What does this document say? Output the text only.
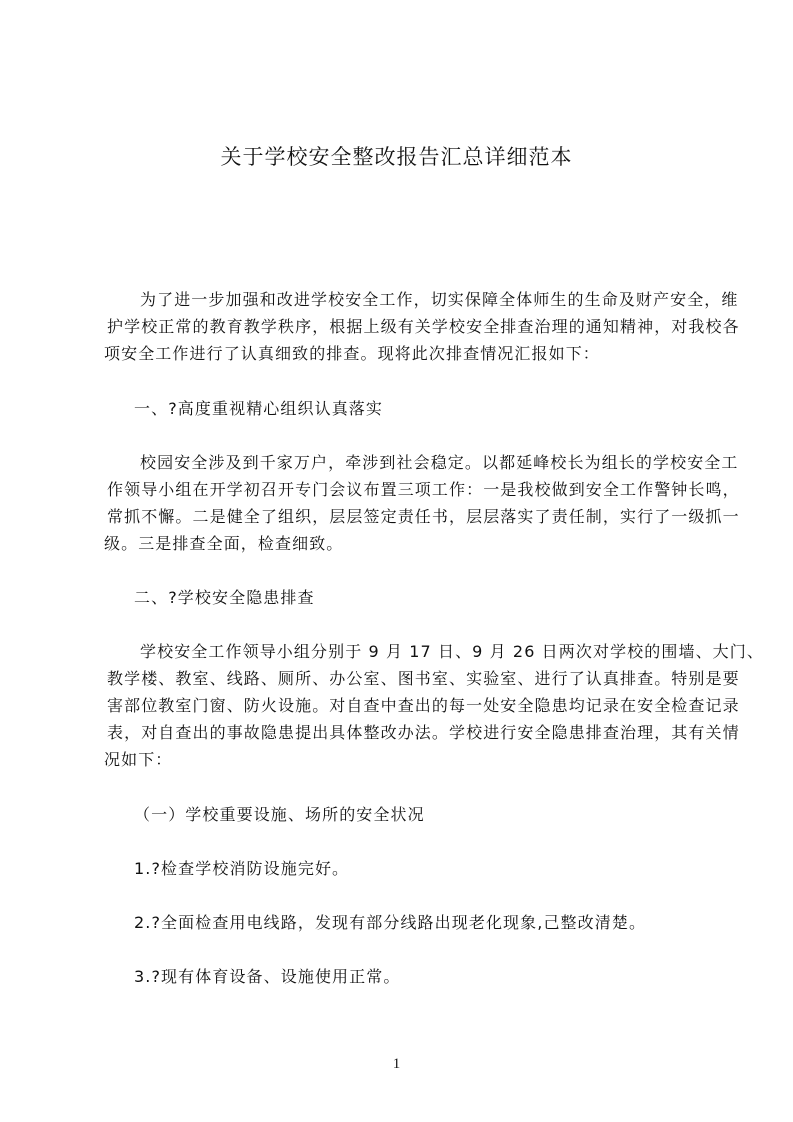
关于学校安全整改报告汇总详细范本
为了进一步加强和改进学校安全工作，切实保障全体师生的生命及财产安全，维
护学校正常的教育教学秩序，根据上级有关学校安全排查治理的通知精神，对我校各
项安全工作进行了认真细致的排查。现将此次排查情况汇报如下：
一、?高度重视精心组织认真落实
校园安全涉及到千家万户，牵涉到社会稳定。以都延峰校长为组长的学校安全工
作领导小组在开学初召开专门会议布置三项工作：一是我校做到安全工作警钟长鸣，
常抓不懈。二是健全了组织，层层签定责任书，层层落实了责任制，实行了一级抓一
级。三是排查全面，检查细致。
二、?学校安全隐患排查
学校安全工作领导小组分别于 9 月 17 日、9 月 26 日两次对学校的围墙、大门、
教学楼、教室、线路、厕所、办公室、图书室、实验室、进行了认真排查。特别是要
害部位教室门窗、防火设施。对自查中查出的每一处安全隐患均记录在安全检查记录
表，对自查出的事故隐患提出具体整改办法。学校进行安全隐患排查治理，其有关情
况如下：
（一）学校重要设施、场所的安全状况
1.?检查学校消防设施完好。
2.?全面检查用电线路，发现有部分线路出现老化现象,己整改清楚。
3.?现有体育设备、设施使用正常。
1
